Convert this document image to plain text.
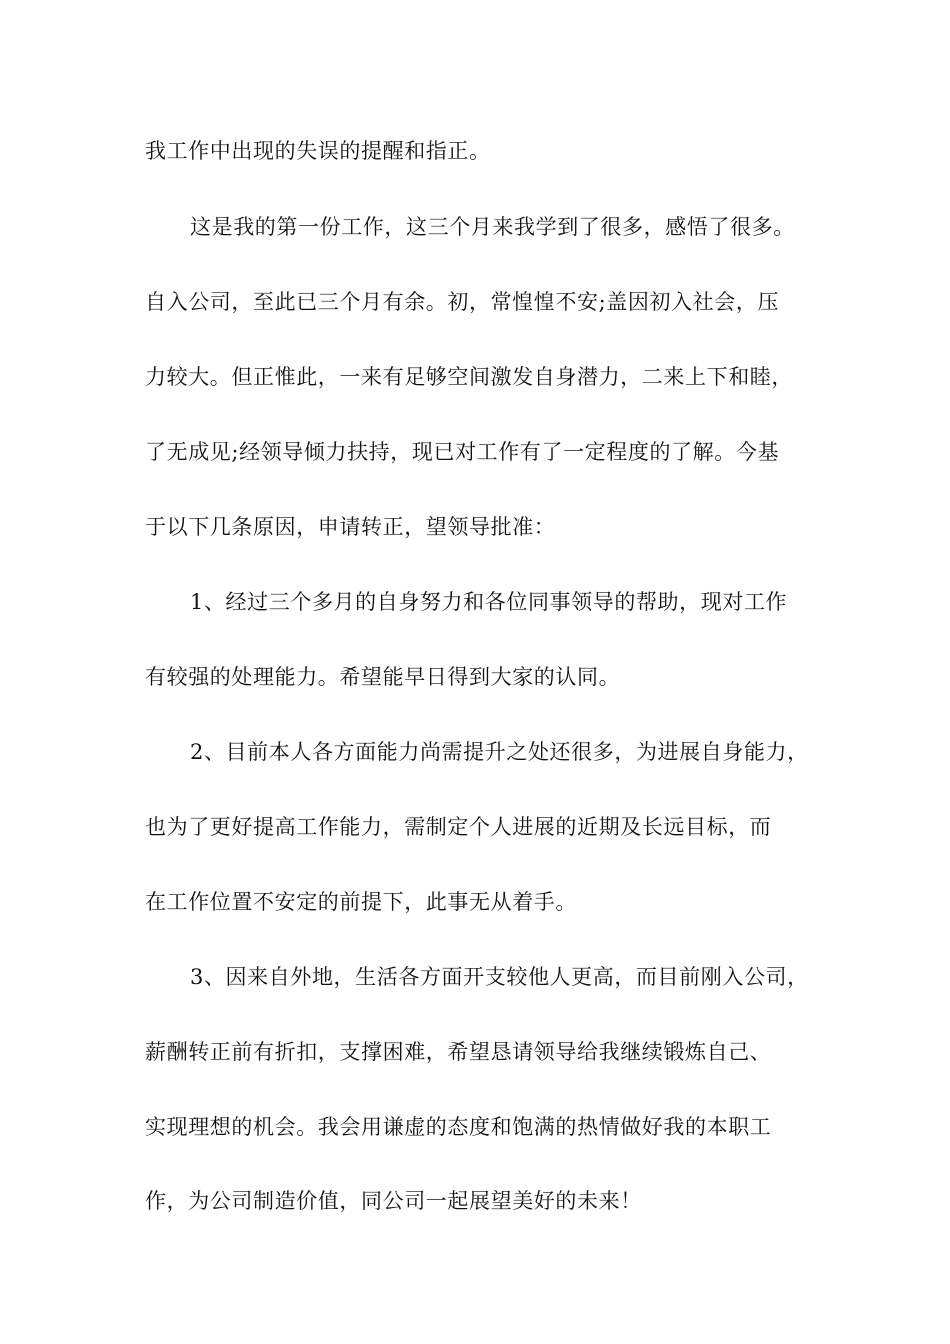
我工作中出现的失误的提醒和指正。
这是我的第一份工作，这三个月来我学到了很多，感悟了很多。
自入公司，至此已三个月有余。初，常惶惶不安;盖因初入社会，压
力较大。但正惟此，一来有足够空间激发自身潜力，二来上下和睦，
了无成见;经领导倾力扶持，现已对工作有了一定程度的了解。今基
于以下几条原因，申请转正，望领导批准：
1、经过三个多月的自身努力和各位同事领导的帮助，现对工作
有较强的处理能力。希望能早日得到大家的认同。
2、目前本人各方面能力尚需提升之处还很多，为进展自身能力，
也为了更好提高工作能力，需制定个人进展的近期及长远目标，而
在工作位置不安定的前提下，此事无从着手。
3、因来自外地，生活各方面开支较他人更高，而目前刚入公司，
薪酬转正前有折扣，支撑困难，希望恳请领导给我继续锻炼自己、
实现理想的机会。我会用谦虚的态度和饱满的热情做好我的本职工
作，为公司制造价值，同公司一起展望美好的未来！
